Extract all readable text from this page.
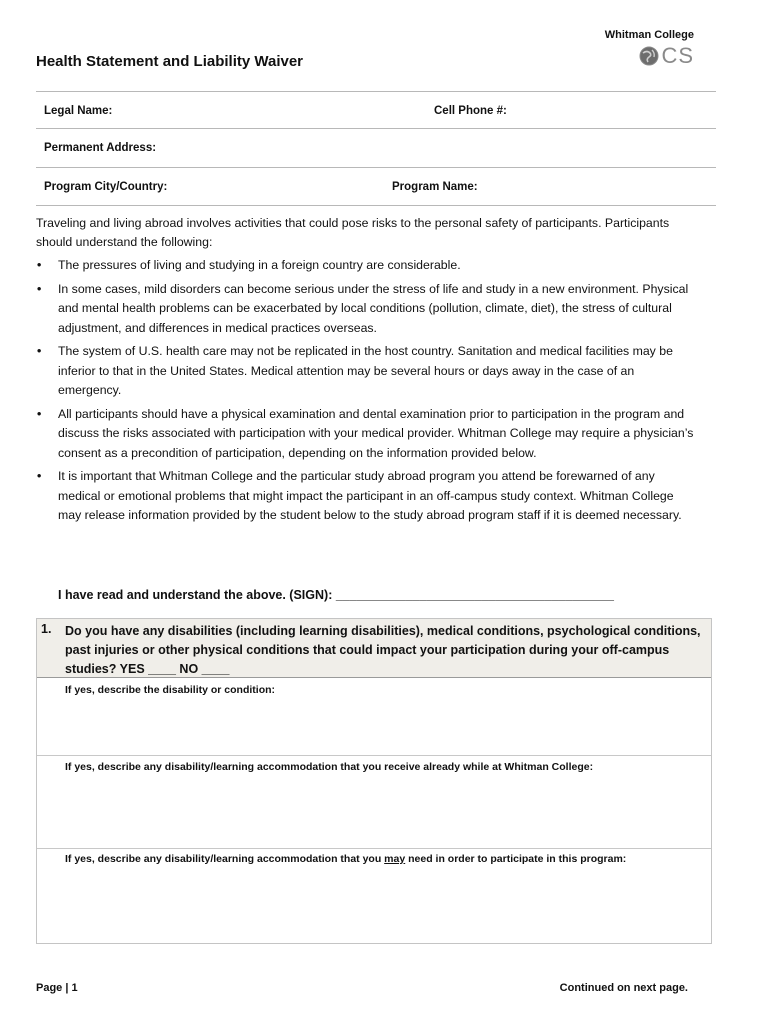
Whitman College
CS
Health Statement and Liability Waiver
Legal Name:	Cell Phone #:
Permanent Address:
Program City/Country:	Program Name:
Traveling and living abroad involves activities that could pose risks to the personal safety of participants. Participants should understand the following:
• The pressures of living and studying in a foreign country are considerable.
• In some cases, mild disorders can become serious under the stress of life and study in a new environment. Physical and mental health problems can be exacerbated by local conditions (pollution, climate, diet), the stress of cultural adjustment, and differences in medical practices overseas.
• The system of U.S. health care may not be replicated in the host country. Sanitation and medical facilities may be inferior to that in the United States. Medical attention may be several hours or days away in the case of an emergency.
• All participants should have a physical examination and dental examination prior to participation in the program and discuss the risks associated with participation with your medical provider. Whitman College may require a physician’s consent as a precondition of participation, depending on the information provided below.
• It is important that Whitman College and the particular study abroad program you attend be forewarned of any medical or emotional problems that might impact the participant in an off-campus study context. Whitman College may release information provided by the student below to the study abroad program staff if it is deemed necessary.
I have read and understand the above. (SIGN): ________________________________________
1. Do you have any disabilities (including learning disabilities), medical conditions, psychological conditions, past injuries or other physical conditions that could impact your participation during your off-campus studies? YES ____ NO ____
If yes, describe the disability or condition:
If yes, describe any disability/learning accommodation that you receive already while at Whitman College:
If yes, describe any disability/learning accommodation that you may need in order to participate in this program:
Page | 1	Continued on next page.
